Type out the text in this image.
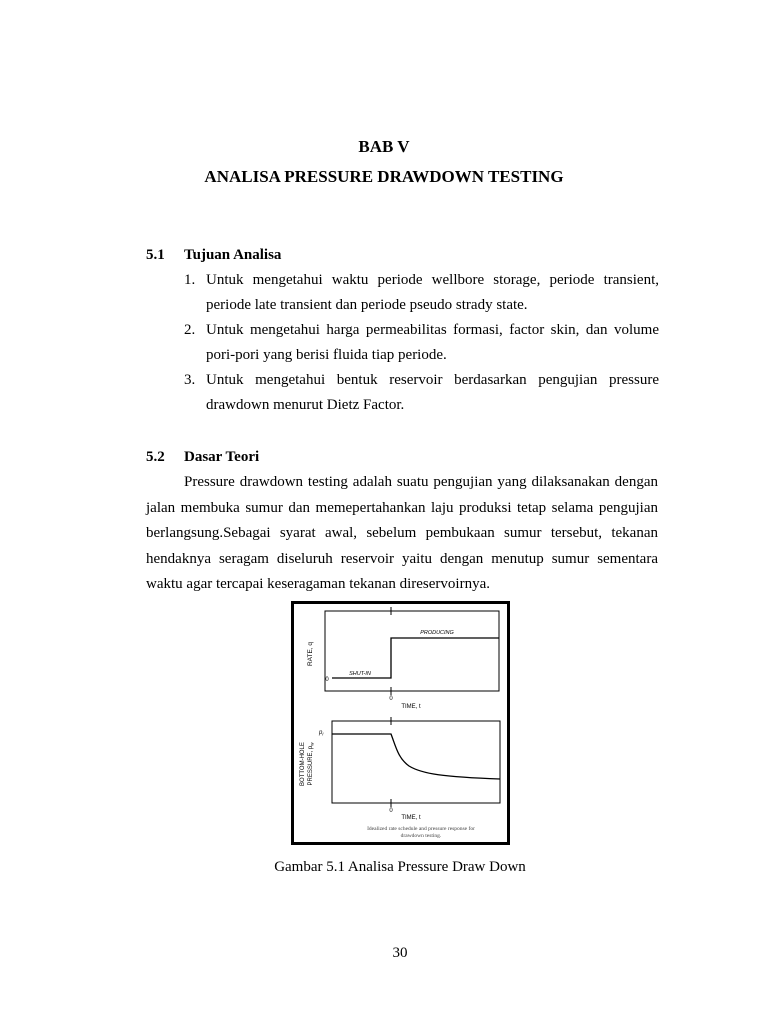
BAB V
ANALISA PRESSURE DRAWDOWN TESTING
5.1 Tujuan Analisa
1. Untuk mengetahui waktu periode wellbore storage, periode transient, periode late transient dan periode pseudo strady state.
2. Untuk mengetahui harga permeabilitas formasi, factor skin, dan volume pori-pori yang berisi fluida tiap periode.
3. Untuk mengetahui bentuk reservoir berdasarkan pengujian pressure drawdown menurut Dietz Factor.
5.2 Dasar Teori
Pressure drawdown testing adalah suatu pengujian yang dilaksanakan dengan jalan membuka sumur dan memepertahankan laju produksi tetap selama pengujian berlangsung.Sebagai syarat awal, sebelum pembukaan sumur tersebut, tekanan hendaknya seragam diseluruh reservoir yaitu dengan menutup sumur sementara waktu agar tercapai keseragaman tekanan direservoirnya.
RATE, q
0
SHUT-IN
PRODUCING
0
TIME, t
BOTTOM-HOLE PRESSURE, $p_w$
$p_i$
0
TIME, t
Idealized rate schedule and pressure response for
drawdown testing.
Gambar 5.1 Analisa Pressure Draw Down
30
